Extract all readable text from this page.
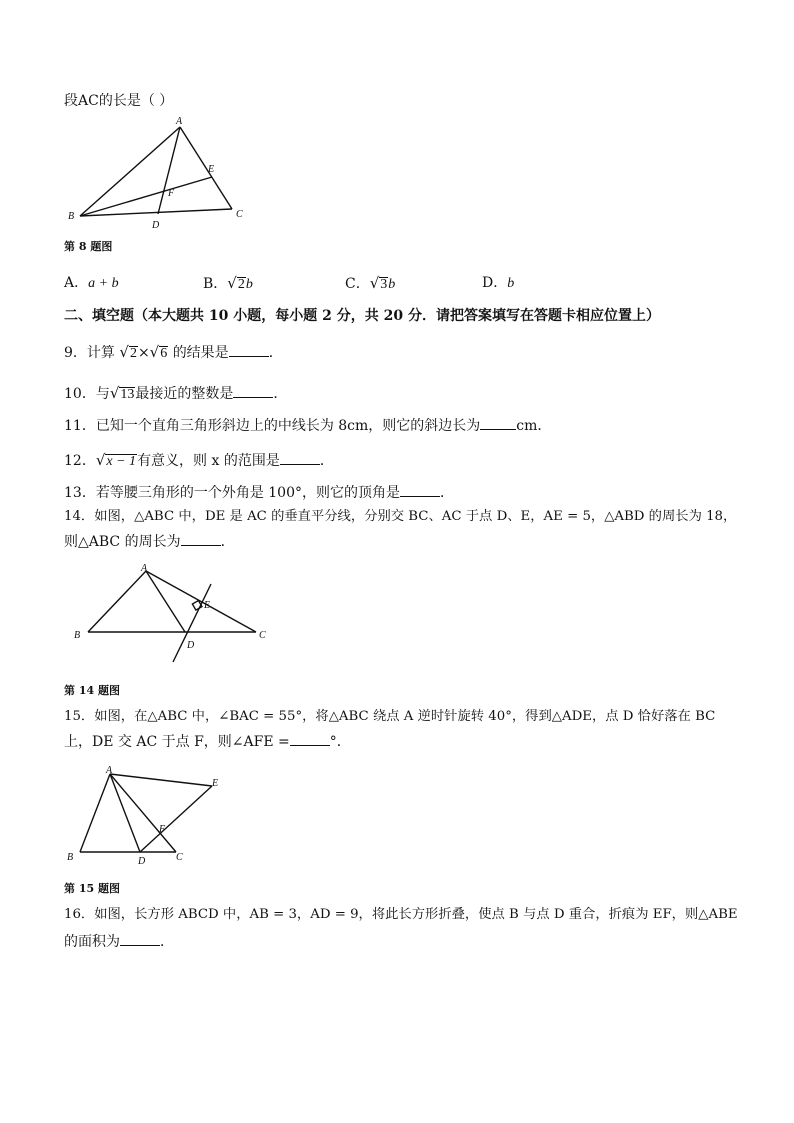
段AC的长是（ ）
A
B	C
D
E
F
第 8 题图
A．a + b	B．√2b	C．√3b	D．b
二、填空题（本大题共 10 小题，每小题 2 分，共 20 分．请把答案填写在答题卡相应位置上）
9．计算 √2×√6 的结果是	．
10．与√13最接近的整数是	．
11．已知一个直角三角形斜边上的中线长为 8cm，则它的斜边长为	cm．
12．√x − 1有意义，则 x 的范围是	．
13．若等腰三角形的一个外角是 100°，则它的顶角是	．
14．如图，△ABC 中，DE 是 AC 的垂直平分线，分别交 BC、AC 于点 D、E，AE = 5，△ABD 的周长为 18，
则△ABC 的周长为	．
A
B	C
D
E
第 14 题图
15．如图，在△ABC 中，∠BAC = 55°，将△ABC 绕点 A 逆时针旋转 40°，得到△ADE，点 D 恰好落在 BC
上，DE 交 AC 于点 F，则∠AFE =	°．
A
B	C
D
E
F
第 15 题图
16．如图，长方形 ABCD 中，AB = 3，AD = 9，将此长方形折叠，使点 B 与点 D 重合，折痕为 EF，则△ABE
的面积为	．
